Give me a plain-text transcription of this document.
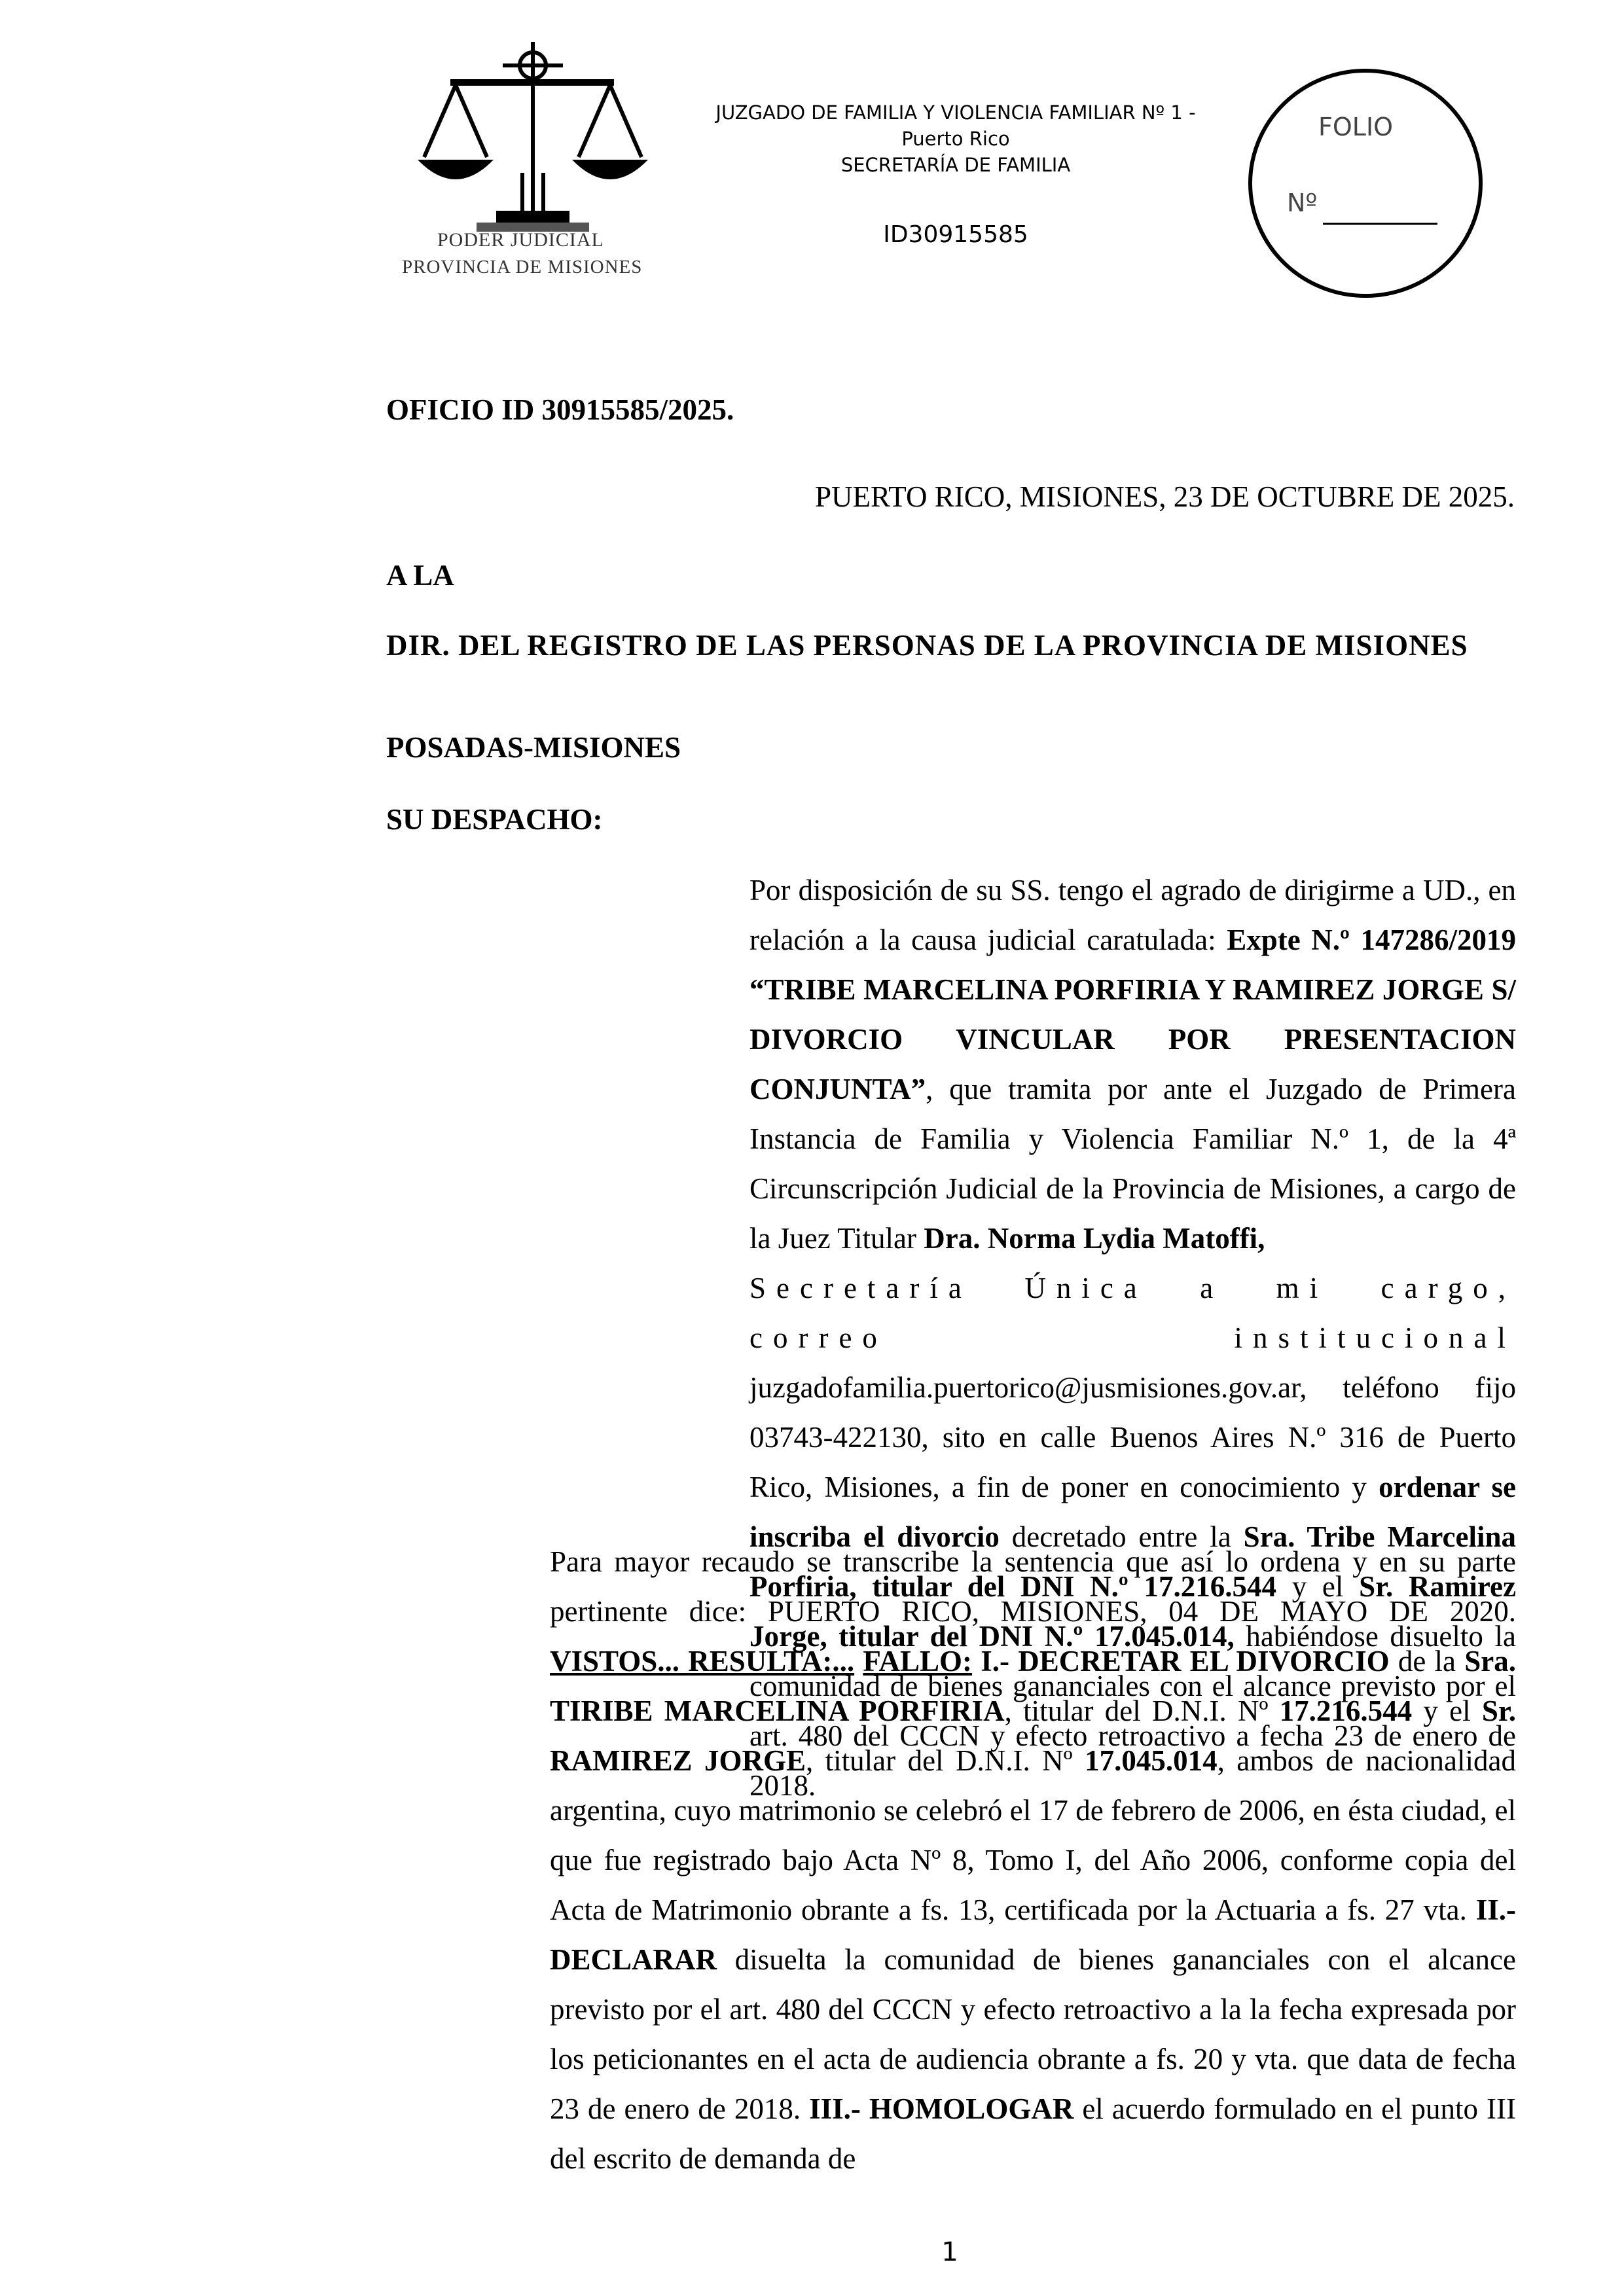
PODER JUDICIAL
PROVINCIA DE MISIONES
JUZGADO DE FAMILIA Y VIOLENCIA FAMILIAR Nº 1 -
Puerto Rico
SECRETARÍA DE FAMILIA
ID30915585
FOLIO
Nº
OFICIO ID 30915585/2025.
PUERTO RICO, MISIONES, 23 DE OCTUBRE DE 2025.
A LA
DIR. DEL REGISTRO DE LAS PERSONAS DE LA PROVINCIA DE MISIONES
POSADAS-MISIONES
SU DESPACHO:

Por disposición de su SS. tengo el agrado de dirigirme a UD., en relación a la causa judicial caratulada: Expte N.º 147286/2019 “TRIBE MARCELINA PORFIRIA Y RAMIREZ JORGE S/ DIVORCIO VINCULAR POR PRESENTACION CONJUNTA”, que tramita por ante el Juzgado de Primera Instancia de Familia y Violencia Familiar N.º 1, de la 4ª Circunscripción Judicial de la Provincia de Misiones, a cargo de la Juez Titular Dra. Norma Lydia Matoffi,
Secretaría Única a mi cargo, correo institucional
juzgadofamilia.puertorico@jusmisiones.gov.ar, teléfono fijo 03743-422130, sito en calle Buenos Aires N.º 316 de Puerto Rico, Misiones, a fin de poner en conocimiento y ordenar se inscriba el divorcio decretado entre la Sra. Tribe Marcelina Porfiria, titular del DNI N.º 17.216.544 y el Sr. Ramirez Jorge, titular del DNI N.º 17.045.014, habiéndose disuelto la comunidad de bienes gananciales con el alcance previsto por el art. 480 del CCCN y efecto retroactivo a fecha 23 de enero de 2018.

Para mayor recaudo se transcribe la sentencia que así lo ordena y en su parte pertinente dice: PUERTO RICO, MISIONES, 04 DE MAYO DE 2020. VISTOS... RESULTA:... FALLO: I.- DECRETAR EL DIVORCIO de la Sra. TIRIBE MARCELINA PORFIRIA, titular del D.N.I. Nº 17.216.544 y el Sr. RAMIREZ JORGE, titular del D.N.I. Nº 17.045.014, ambos de nacionalidad argentina, cuyo matrimonio se celebró el 17 de febrero de 2006, en ésta ciudad, el que fue registrado bajo Acta Nº 8, Tomo I, del Año 2006, conforme copia del Acta de Matrimonio obrante a fs. 13, certificada por la Actuaria a fs. 27 vta. II.- DECLARAR disuelta la comunidad de bienes gananciales con el alcance previsto por el art. 480 del CCCN y efecto retroactivo a la la fecha expresada por los peticionantes en el acta de audiencia obrante a fs. 20 y vta. que data de fecha 23 de enero de 2018. III.- HOMOLOGAR el acuerdo formulado en el punto III del escrito de demanda de

1
